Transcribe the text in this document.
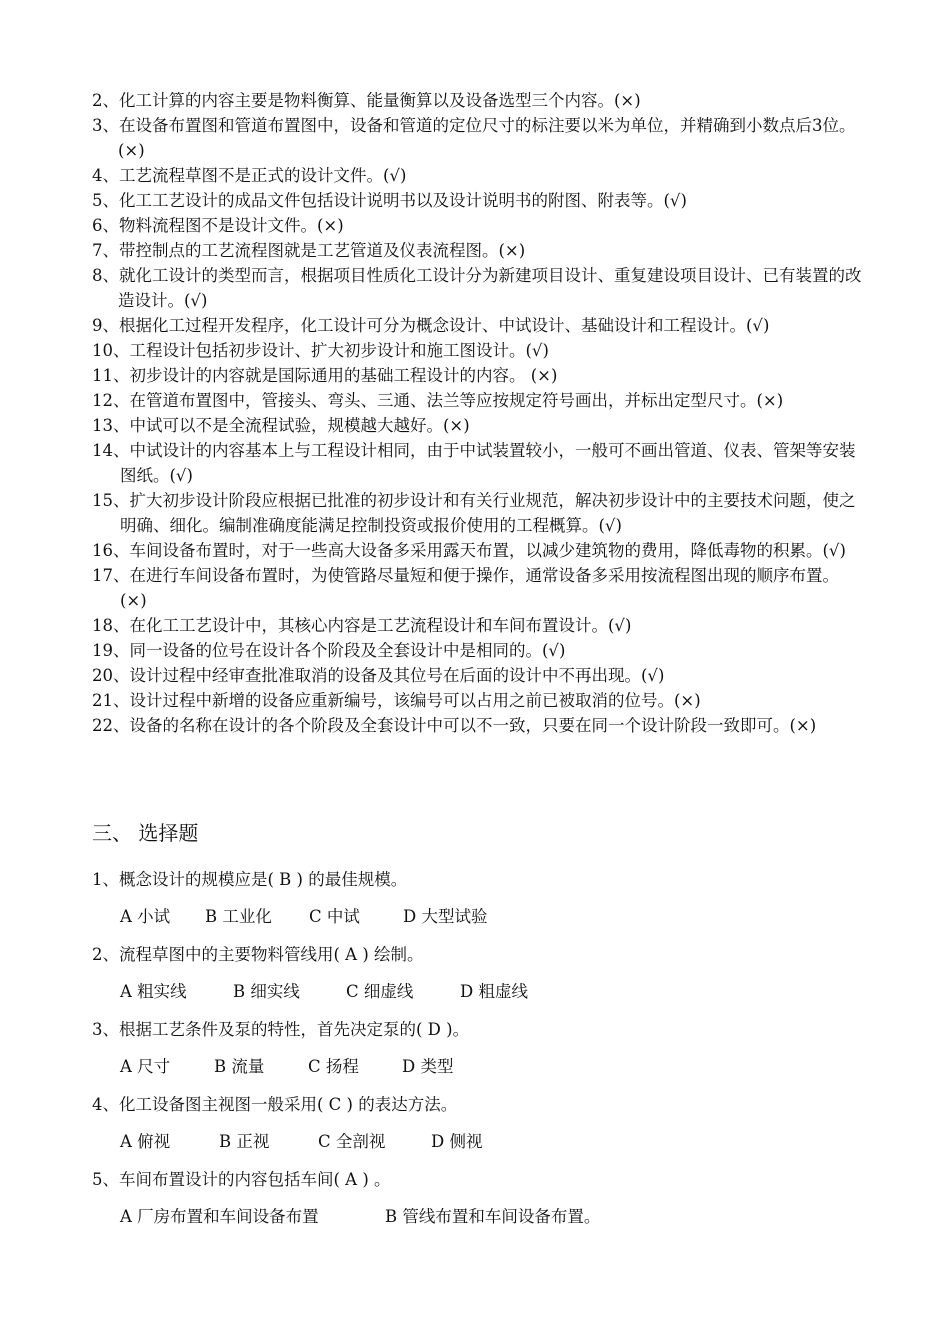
2、化工计算的内容主要是物料衡算、能量衡算以及设备选型三个内容。(×)

3、在设备布置图和管道布置图中，设备和管道的定位尺寸的标注要以米为单位，并精确到小数点后3位。(×)

4、工艺流程草图不是正式的设计文件。(√)

5、化工工艺设计的成品文件包括设计说明书以及设计说明书的附图、附表等。(√)

6、物料流程图不是设计文件。(×)

7、带控制点的工艺流程图就是工艺管道及仪表流程图。(×)

8、就化工设计的类型而言，根据项目性质化工设计分为新建项目设计、重复建设项目设计、已有装置的改造设计。(√)

9、根据化工过程开发程序，化工设计可分为概念设计、中试设计、基础设计和工程设计。(√)

10、工程设计包括初步设计、扩大初步设计和施工图设计。(√)

11、初步设计的内容就是国际通用的基础工程设计的内容。 (×)

12、在管道布置图中，管接头、弯头、三通、法兰等应按规定符号画出，并标出定型尺寸。(×)

13、中试可以不是全流程试验，规模越大越好。(×)

14、中试设计的内容基本上与工程设计相同，由于中试装置较小，一般可不画出管道、仪表、管架等安装图纸。(√)

15、扩大初步设计阶段应根据已批准的初步设计和有关行业规范，解决初步设计中的主要技术问题，使之明确、细化。编制准确度能满足控制投资或报价使用的工程概算。(√)

16、车间设备布置时，对于一些高大设备多采用露天布置，以减少建筑物的费用，降低毒物的积累。(√)

17、在进行车间设备布置时，为使管路尽量短和便于操作，通常设备多采用按流程图出现的顺序布置。(×)

18、在化工工艺设计中，其核心内容是工艺流程设计和车间布置设计。(√)

19、同一设备的位号在设计各个阶段及全套设计中是相同的。(√)

20、设计过程中经审查批准取消的设备及其位号在后面的设计中不再出现。(√)

21、设计过程中新增的设备应重新编号，该编号可以占用之前已被取消的位号。(×)

22、设备的名称在设计的各个阶段及全套设计中可以不一致，只要在同一个设计阶段一致即可。(×)

三、 选择题
1、概念设计的规模应是( B ) 的最佳规模。
A 小试 B 工业化 C 中试	D 大型试验
2、流程草图中的主要物料管线用( A ) 绘制。
A 粗实线	B 细实线	C 细虚线	D 粗虚线
3、根据工艺条件及泵的特性，首先决定泵的( D )。
A 尺寸	B 流量	C 扬程	D 类型
4、化工设备图主视图一般采用( C ) 的表达方法。
A 俯视	B 正视	C 全剖视	D 侧视
5、车间布置设计的内容包括车间( A ) 。
A 厂房布置和车间设备布置	B 管线布置和车间设备布置。
